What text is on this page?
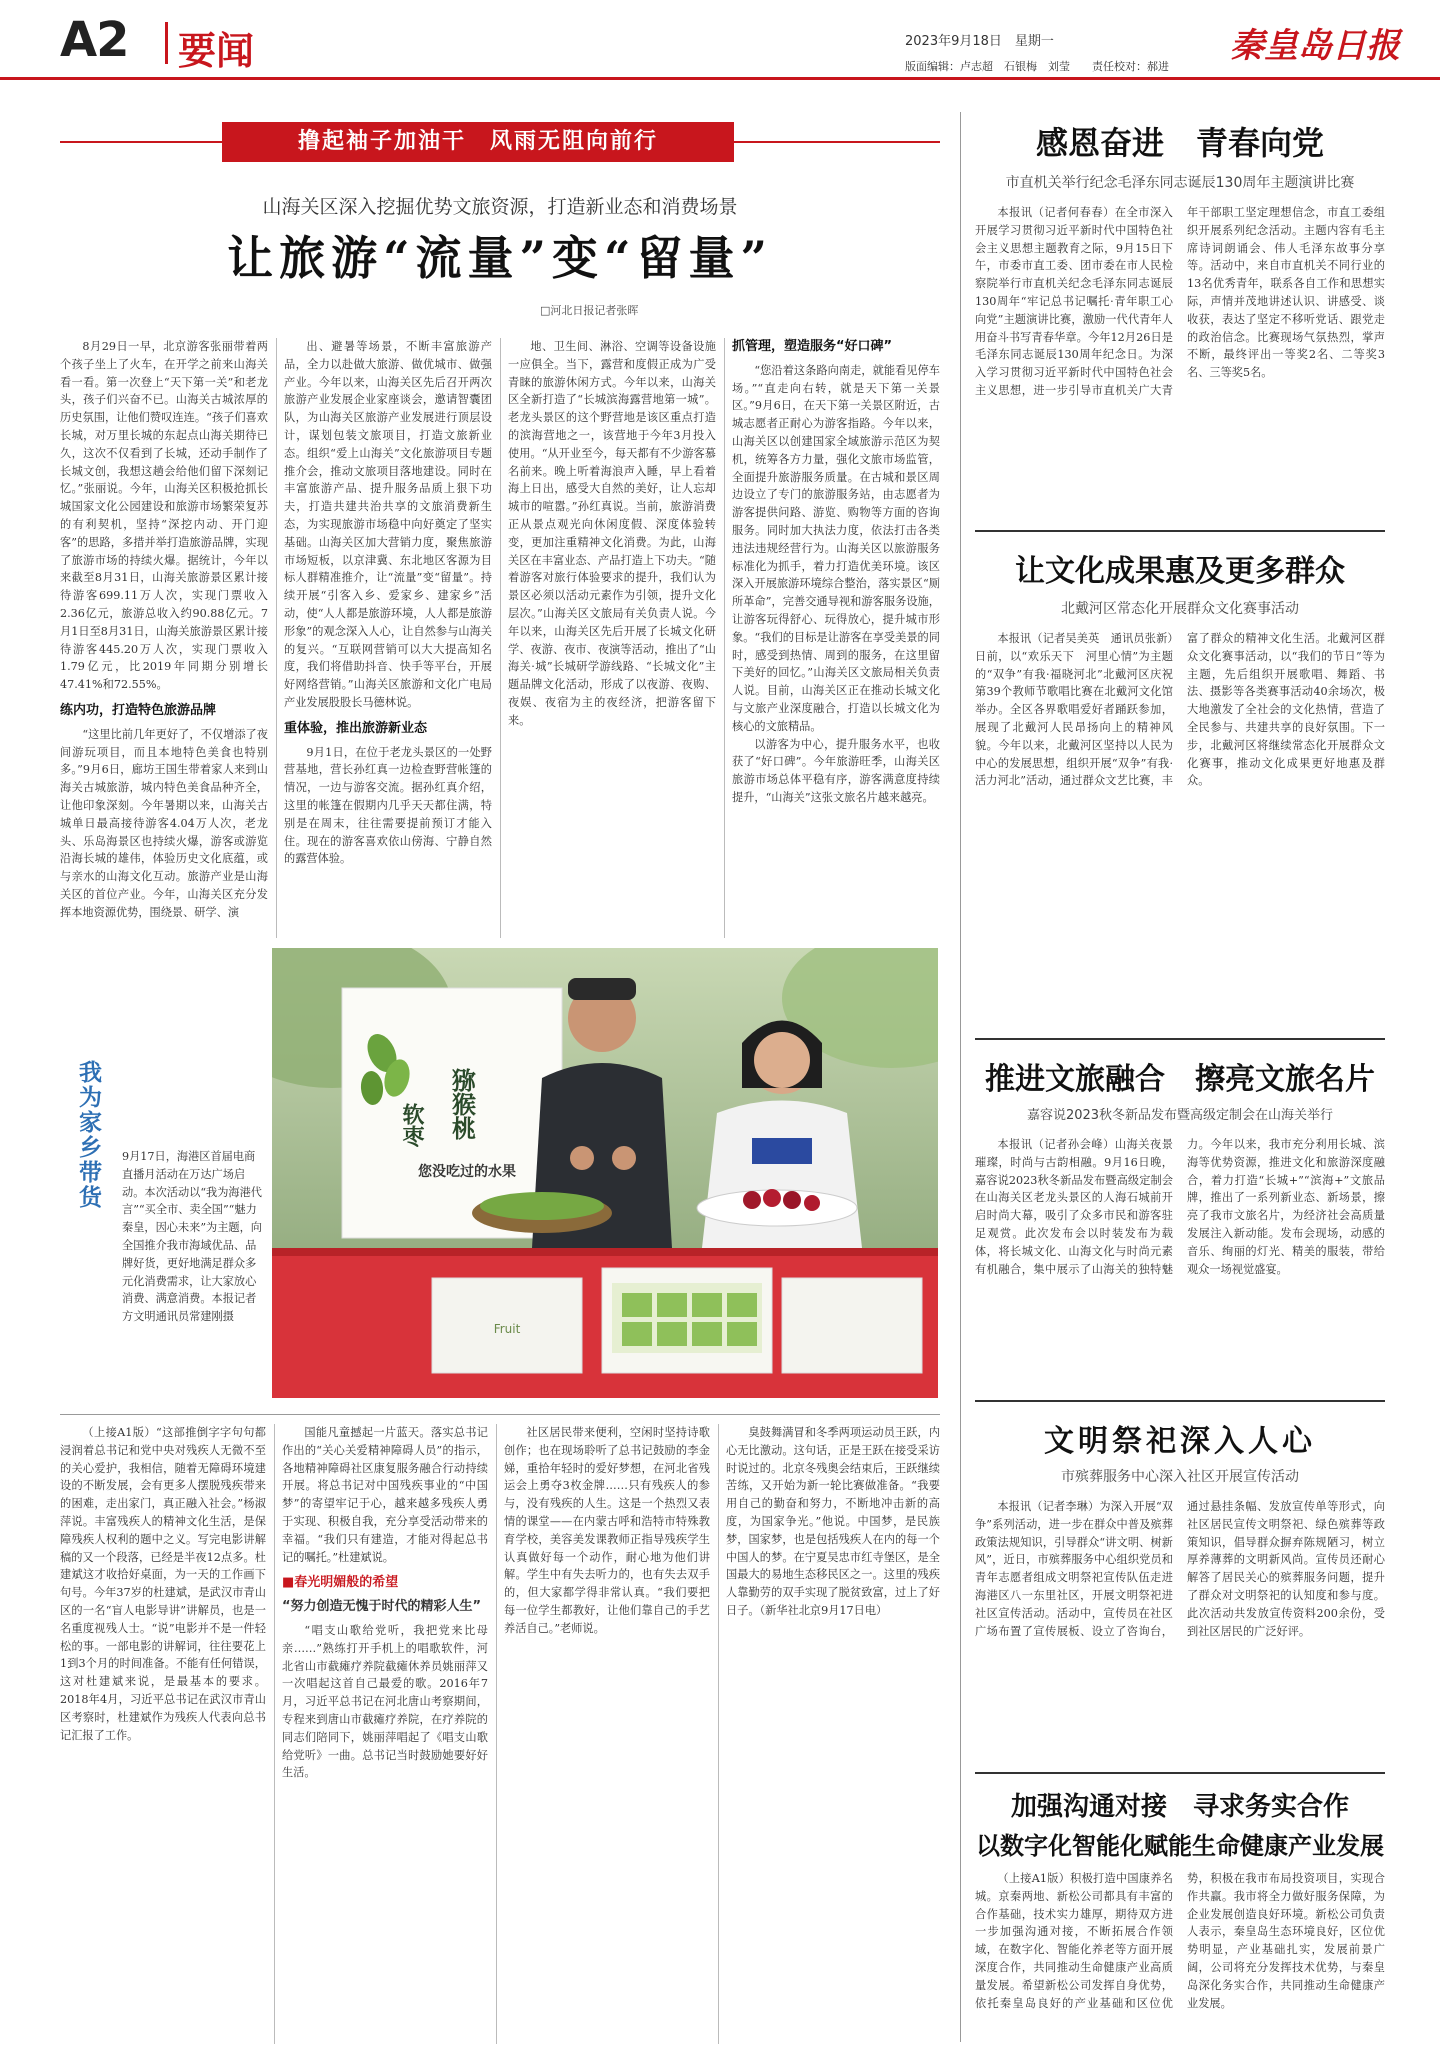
A2 要闻	2023年9月18日　星期一
版面编辑：卢志超　石银梅　刘莹　　责任校对：郝进
秦皇岛日报
撸起袖子加油干　风雨无阻向前行
山海关区深入挖掘优势文旅资源，打造新业态和消费场景
让旅游“流量”变“留量”
□河北日报记者张晖

8月29日一早，北京游客张丽带着两个孩子坐上了火车，在开学之前来山海关看一看。第一次登上“天下第一关”和老龙头，孩子们兴奋不已。山海关古城浓厚的历史氛围，让他们赞叹连连。“孩子们喜欢长城，对万里长城的东起点山海关期待已久，这次不仅看到了长城，还动手制作了长城文创，我想这趟会给他们留下深刻记忆。”张丽说。今年，山海关区积极抢抓长城国家文化公园建设和旅游市场繁荣复苏的有利契机，坚持“深挖内动、开门迎客”的思路，多措并举打造旅游品牌，实现了旅游市场的持续火爆。据统计，今年以来截至8月31日，山海关旅游景区累计接待游客699.11万人次，实现门票收入2.36亿元，旅游总收入约90.88亿元。7月1日至8月31日，山海关旅游景区累计接待游客445.20万人次，实现门票收入1.79亿元，比2019年同期分别增长47.41%和72.55%。

练内功，打造特色旅游品牌

“这里比前几年更好了，不仅增添了夜间游玩项目，而且本地特色美食也特别多。”9月6日，廊坊王国生带着家人来到山海关古城旅游，城内特色美食品种齐全，让他印象深刻。今年暑期以来，山海关古城单日最高接待游客4.04万人次，老龙头、乐岛海景区也持续火爆，游客或游览沿海长城的雄伟，体验历史文化底蕴，或与亲水的山海文化互动。旅游产业是山海关区的首位产业。今年，山海关区充分发挥本地资源优势，围绕景、研学、演

出、避暑等场景，不断丰富旅游产品，全力以赴做大旅游、做优城市、做强产业。今年以来，山海关区先后召开两次旅游产业发展企业家座谈会，邀请智囊团队，为山海关区旅游产业发展进行顶层设计，谋划包装文旅项目，打造文旅新业态。组织“爱上山海关”文化旅游项目专题推介会，推动文旅项目落地建设。同时在丰富旅游产品、提升服务品质上狠下功夫，打造共建共治共享的文旅消费新生态，为实现旅游市场稳中向好奠定了坚实基础。山海关区加大营销力度，聚焦旅游市场短板，以京津冀、东北地区客源为目标人群精准推介，让“流量”变“留量”。持续开展“引客入乡、爱家乡、建家乡”活动，使“人人都是旅游环境，人人都是旅游形象”的观念深入人心，让自然参与山海关的复兴。“互联网营销可以大大提高知名度，我们将借助抖音、快手等平台，开展好网络营销。”山海关区旅游和文化广电局产业发展股股长马德林说。

重体验，推出旅游新业态

9月1日，在位于老龙头景区的一处野营基地，营长孙红真一边检查野营帐篷的情况，一边与游客交流。据孙红真介绍，这里的帐篷在假期内几乎天天都住满，特别是在周末，往往需要提前预订才能入住。现在的游客喜欢依山傍海、宁静自然的露营体验。

地、卫生间、淋浴、空调等设备设施一应俱全。当下，露营和度假正成为广受青睐的旅游休闲方式。今年以来，山海关区全新打造了“长城滨海露营地第一城”。老龙头景区的这个野营地是该区重点打造的滨海营地之一，该营地于今年3月投入使用。“从开业至今，每天都有不少游客慕名前来。晚上听着海浪声入睡，早上看着海上日出，感受大自然的美好，让人忘却城市的喧嚣。”孙红真说。当前，旅游消费正从景点观光向休闲度假、深度体验转变，更加注重精神文化消费。为此，山海关区在丰富业态、产品打造上下功夫。“随着游客对旅行体验要求的提升，我们认为景区必须以活动元素作为引领，提升文化层次。”山海关区文旅局有关负责人说。今年以来，山海关区先后开展了长城文化研学、夜游、夜市、夜演等活动，推出了“山海关·城”长城研学游线路、“长城文化”主题品牌文化活动，形成了以夜游、夜购、夜娱、夜宿为主的夜经济，把游客留下来。

抓管理，塑造服务“好口碑”

“您沿着这条路向南走，就能看见停车场。”“直走向右转，就是天下第一关景区。”9月6日，在天下第一关景区附近，古城志愿者正耐心为游客指路。今年以来，山海关区以创建国家全域旅游示范区为契机，统筹各方力量，强化文旅市场监管，全面提升旅游服务质量。在古城和景区周边设立了专门的旅游服务站，由志愿者为游客提供问路、游览、购物等方面的咨询服务。同时加大执法力度，依法打击各类违法违规经营行为。山海关区以旅游服务标准化为抓手，着力打造优美环境。该区深入开展旅游环境综合整治，落实景区“厕所革命”，完善交通导视和游客服务设施，让游客玩得舒心、玩得放心，提升城市形象。“我们的目标是让游客在享受美景的同时，感受到热情、周到的服务，在这里留下美好的回忆。”山海关区文旅局相关负责人说。目前，山海关区正在推动长城文化与文旅产业深度融合，打造以长城文化为核心的文旅精品。

以游客为中心，提升服务水平，也收获了“好口碑”。今年旅游旺季，山海关区旅游市场总体平稳有序，游客满意度持续提升，“山海关”这张文旅名片越来越亮。

我为家乡带货 9月17日，海港区首届电商直播月活动在万达广场启动。本次活动以“我为海港代言”“买全市、卖全国”“魅力秦皇，因心未来”为主题，向全国推介我市海域优品、品牌好货，更好地满足群众多元化消费需求，让大家放心消费、满意消费。本报记者方文明通讯员常建刚摄
猕猴桃
软枣
您没吃过的水果
Fruit

（上接A1版）“这部推倒字字句句都浸润着总书记和党中央对残疾人无微不至的关心爱护，我相信，随着无障碍环境建设的不断发展，会有更多人摆脱残疾带来的困难，走出家门，真正融入社会。”杨淑萍说。丰富残疾人的精神文化生活，是保障残疾人权利的题中之义。写完电影讲解稿的又一个段落，已经是半夜12点多。杜建斌这才收拾好桌面，为一天的工作画下句号。今年37岁的杜建斌，是武汉市青山区的一名“盲人电影导讲”讲解员，也是一名重度视残人士。“说”电影并不是一件轻松的事。一部电影的讲解词，往往要花上1到3个月的时间准备。不能有任何错误，这对杜建斌来说，是最基本的要求。2018年4月，习近平总书记在武汉市青山区考察时，杜建斌作为残疾人代表向总书记汇报了工作。

国能凡童撼起一片蓝天。落实总书记作出的“关心关爱精神障碍人员”的指示，各地精神障碍社区康复服务融合行动持续开展。将总书记对中国残疾事业的“中国梦”的寄望牢记于心，越来越多残疾人勇于实现、积极自我，充分享受活动带来的幸福。“我们只有建造，才能对得起总书记的嘱托。”杜建斌说。

■春光明媚般的希望
“努力创造无愧于时代的精彩人生”

“唱支山歌给党听，我把党来比母亲……”熟练打开手机上的唱歌软件，河北省山市截瘫疗养院截瘫休养员姚丽萍又一次唱起这首自己最爱的歌。2016年7月，习近平总书记在河北唐山考察期间，专程来到唐山市截瘫疗养院，在疗养院的同志们陪同下，姚丽萍唱起了《唱支山歌给党听》一曲。总书记当时鼓励她要好好生活。

社区居民带来便利，空闲时坚持诗歌创作；也在现场聆听了总书记鼓励的李金娣，重拾年轻时的爱好梦想，在河北省残运会上勇夺3枚金牌……只有残疾人的参与，没有残疾的人生。这是一个热烈又表情的课堂——在内蒙古呼和浩特市特殊教育学校，美容美发课教师正指导残疾学生认真做好每一个动作，耐心地为他们讲解。学生中有失去听力的，也有失去双手的，但大家都学得非常认真。“我们要把每一位学生都教好，让他们靠自己的手艺养活自己。”老师说。

臭鼓舞满冒和冬季两项运动员王跃，内心无比激动。这句话，正是王跃在接受采访时说过的。北京冬残奥会结束后，王跃继续苦练，又开始为新一轮比赛做准备。“我要用自己的勤奋和努力，不断地冲击新的高度，为国家争光。”他说。中国梦，是民族梦，国家梦，也是包括残疾人在内的每一个中国人的梦。在宁夏吴忠市红寺堡区，是全国最大的易地生态移民区之一。这里的残疾人靠勤劳的双手实现了脱贫致富，过上了好日子。（新华社北京9月17日电）

感恩奋进　青春向党
市直机关举行纪念毛泽东同志诞辰130周年主题演讲比赛

本报讯（记者何春春）在全市深入开展学习贯彻习近平新时代中国特色社会主义思想主题教育之际，9月15日下午，市委市直工委、团市委在市人民检察院举行市直机关纪念毛泽东同志诞辰130周年“牢记总书记嘱托·青年职工心向党”主题演讲比赛，激励一代代青年人用奋斗书写青春华章。今年12月26日是毛泽东同志诞辰130周年纪念日。为深入学习贯彻习近平新时代中国特色社会主义思想，进一步引导市直机关广大青年干部职工坚定理想信念，市直工委组织开展系列纪念活动。主题内容有毛主席诗词朗诵会、伟人毛泽东故事分享等。活动中，来自市直机关不同行业的13名优秀青年，联系各自工作和思想实际，声情并茂地讲述认识、讲感受、谈收获，表达了坚定不移听党话、跟党走的政治信念。比赛现场气氛热烈，掌声不断，最终评出一等奖2名、二等奖3名、三等奖5名。

让文化成果惠及更多群众
北戴河区常态化开展群众文化赛事活动

本报讯（记者吴美英　通讯员张新）日前，以“欢乐天下　河里心情”为主题的“双争”有我·福晓河北”北戴河区庆祝第39个教师节歌唱比赛在北戴河文化馆举办。全区各界歌唱爱好者踊跃参加，展现了北戴河人民昂扬向上的精神风貌。今年以来，北戴河区坚持以人民为中心的发展思想，组织开展“双争”有我·活力河北”活动，通过群众文艺比赛，丰富了群众的精神文化生活。北戴河区群众文化赛事活动，以“我们的节日”等为主题，先后组织开展歌唱、舞蹈、书法、摄影等各类赛事活动40余场次，极大地激发了全社会的文化热情，营造了全民参与、共建共享的良好氛围。下一步，北戴河区将继续常态化开展群众文化赛事，推动文化成果更好地惠及群众。

推进文旅融合　擦亮文旅名片
嘉容说2023秋冬新品发布暨高级定制会在山海关举行

本报讯（记者孙会峰）山海关夜景璀璨，时尚与古韵相融。9月16日晚，嘉容说2023秋冬新品发布暨高级定制会在山海关区老龙头景区的人海石城前开启时尚大幕，吸引了众多市民和游客驻足观赏。此次发布会以时装发布为载体，将长城文化、山海文化与时尚元素有机融合，集中展示了山海关的独特魅力。今年以来，我市充分利用长城、滨海等优势资源，推进文化和旅游深度融合，着力打造“长城+”“滨海+”文旅品牌，推出了一系列新业态、新场景，擦亮了我市文旅名片，为经济社会高质量发展注入新动能。发布会现场，动感的音乐、绚丽的灯光、精美的服装，带给观众一场视觉盛宴。

文明祭祀深入人心
市殡葬服务中心深入社区开展宣传活动

本报讯（记者李琳）为深入开展“双争”系列活动，进一步在群众中普及殡葬政策法规知识，引导群众“讲文明、树新风”，近日，市殡葬服务中心组织党员和青年志愿者组成文明祭祀宣传队伍走进海港区八一东里社区，开展文明祭祀进社区宣传活动。活动中，宣传员在社区广场布置了宣传展板、设立了咨询台，通过悬挂条幅、发放宣传单等形式，向社区居民宣传文明祭祀、绿色殡葬等政策知识，倡导群众摒弃陈规陋习，树立厚养薄葬的文明新风尚。宣传员还耐心解答了居民关心的殡葬服务问题，提升了群众对文明祭祀的认知度和参与度。此次活动共发放宣传资料200余份，受到社区居民的广泛好评。

加强沟通对接　寻求务实合作
以数字化智能化赋能生命健康产业发展

（上接A1版）积极打造中国康养名城。京秦两地、新松公司都具有丰富的合作基础，技术实力雄厚，期待双方进一步加强沟通对接，不断拓展合作领域，在数字化、智能化养老等方面开展深度合作，共同推动生命健康产业高质量发展。希望新松公司发挥自身优势，依托秦皇岛良好的产业基础和区位优势，积极在我市布局投资项目，实现合作共赢。我市将全力做好服务保障，为企业发展创造良好环境。新松公司负责人表示，秦皇岛生态环境良好，区位优势明显，产业基础扎实，发展前景广阔，公司将充分发挥技术优势，与秦皇岛深化务实合作，共同推动生命健康产业发展。
